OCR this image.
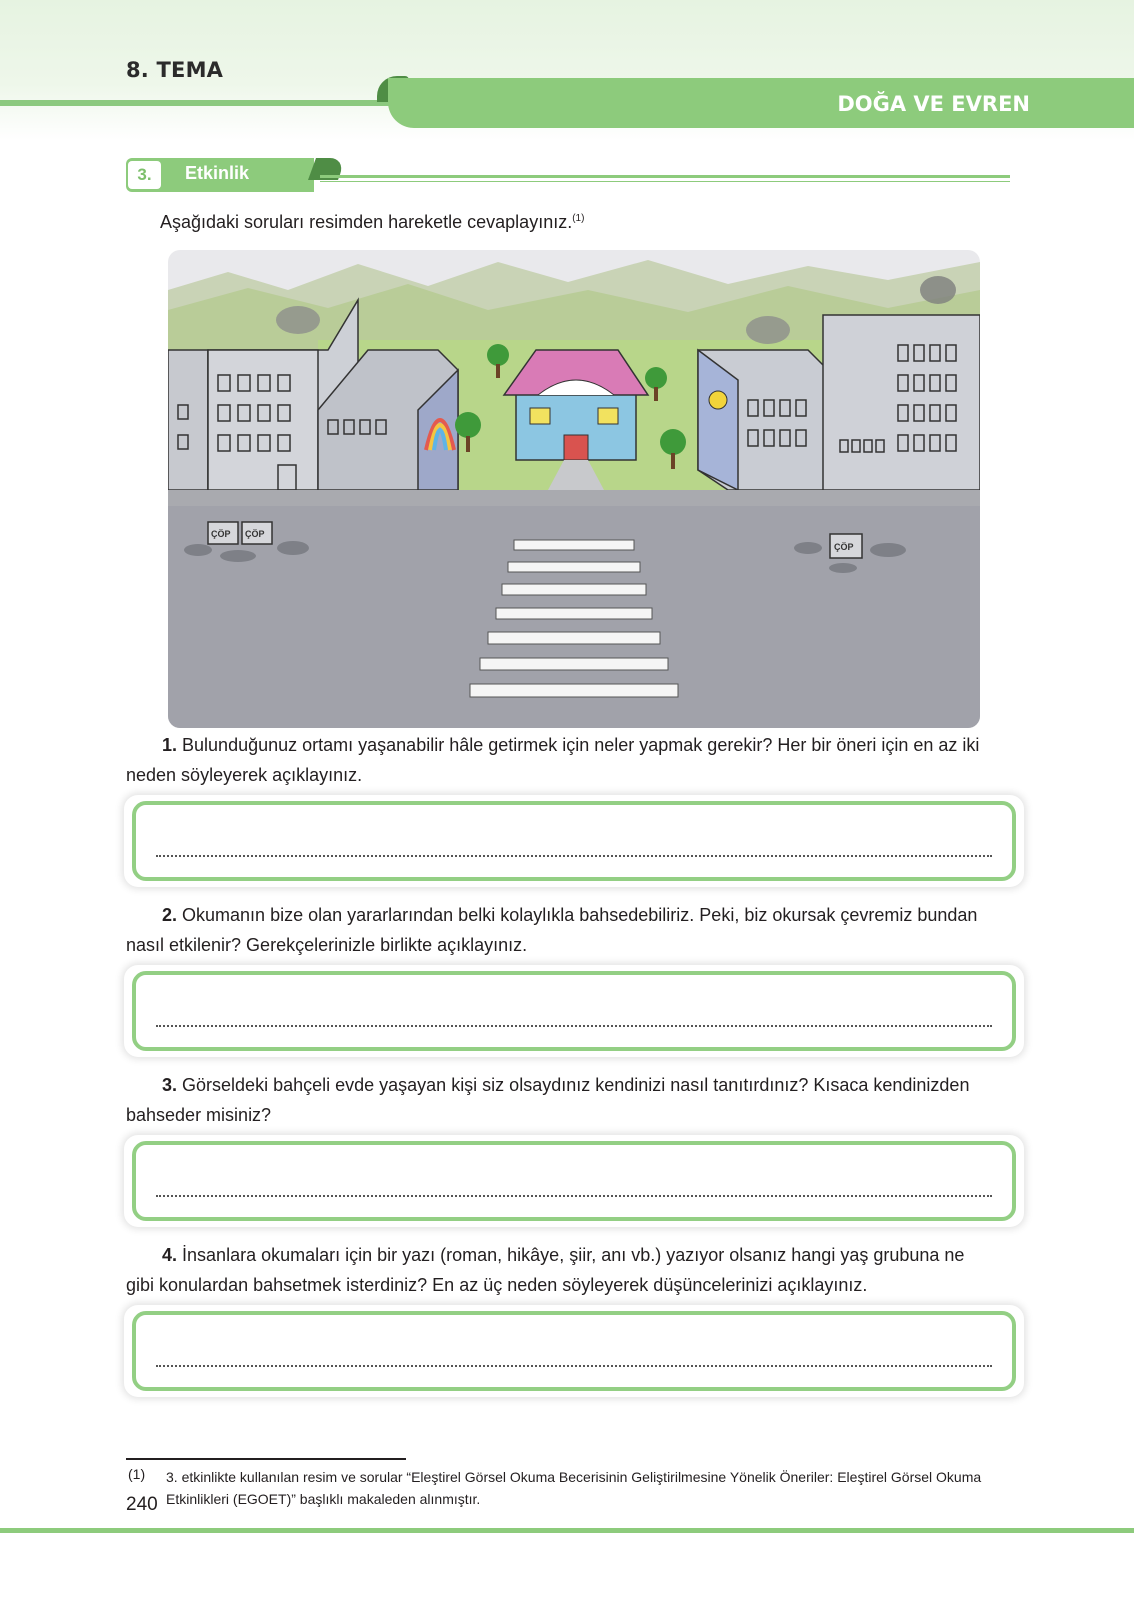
8. TEMA
DOĞA VE EVREN
3.	Etkinlik
Aşağıdaki soruları resimden hareketle cevaplayınız.$^{(1)}$
ÇÖP ÇÖP
ÇÖP
1. Bulunduğunuz ortamı yaşanabilir hâle getirmek için neler yapmak gerekir? Her bir öneri için en az iki
neden söyleyerek açıklayınız.
2. Okumanın bize olan yararlarından belki kolaylıkla bahsedebiliriz. Peki, biz okursak çevremiz bundan
nasıl etkilenir? Gerekçelerinizle birlikte açıklayınız.
3. Görseldeki bahçeli evde yaşayan kişi siz olsaydınız kendinizi nasıl tanıtırdınız? Kısaca kendinizden
bahseder misiniz?
4. İnsanlara okumaları için bir yazı (roman, hikâye, şiir, anı vb.) yazıyor olsanız hangi yaş grubuna ne
gibi konulardan bahsetmek isterdiniz? En az üç neden söyleyerek düşüncelerinizi açıklayınız.
(1) 3. etkinlikte kullanılan resim ve sorular “Eleştirel Görsel Okuma Becerisinin Geliştirilmesine Yönelik Öneriler: Eleştirel Görsel Okuma Etkinlikleri (EGOET)” başlıklı makaleden alınmıştır.
240
